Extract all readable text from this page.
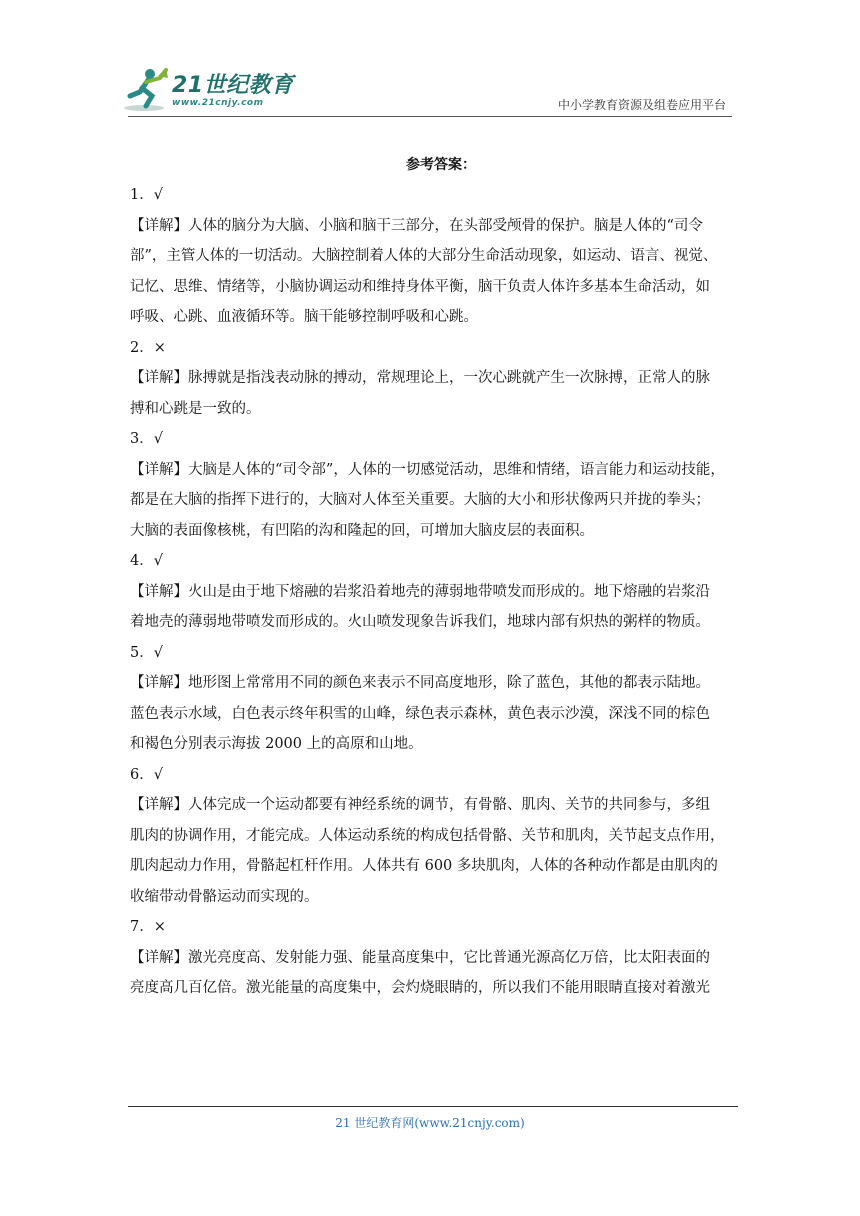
21世纪教育
www.21cnjy.com	中小学教育资源及组卷应用平台

参考答案：

1．√

【详解】人体的脑分为大脑、小脑和脑干三部分，在头部受颅骨的保护。脑是人体的“司令

部”，主管人体的一切活动。大脑控制着人体的大部分生命活动现象，如运动、语言、视觉、

记忆、思维、情绪等，小脑协调运动和维持身体平衡，脑干负责人体许多基本生命活动，如

呼吸、心跳、血液循环等。脑干能够控制呼吸和心跳。

2．×

【详解】脉搏就是指浅表动脉的搏动，常规理论上，一次心跳就产生一次脉搏，正常人的脉

搏和心跳是一致的。

3．√

【详解】大脑是人体的“司令部”，人体的一切感觉活动，思维和情绪，语言能力和运动技能，

都是在大脑的指挥下进行的，大脑对人体至关重要。大脑的大小和形状像两只并拢的拳头；

大脑的表面像核桃，有凹陷的沟和隆起的回，可增加大脑皮层的表面积。

4．√

【详解】火山是由于地下熔融的岩浆沿着地壳的薄弱地带喷发而形成的。地下熔融的岩浆沿

着地壳的薄弱地带喷发而形成的。火山喷发现象告诉我们，地球内部有炽热的粥样的物质。

5．√

【详解】地形图上常常用不同的颜色来表示不同高度地形，除了蓝色，其他的都表示陆地。

蓝色表示水域，白色表示终年积雪的山峰，绿色表示森林，黄色表示沙漠，深浅不同的棕色

和褐色分别表示海拔 2000 上的高原和山地。

6．√

【详解】人体完成一个运动都要有神经系统的调节，有骨骼、肌肉、关节的共同参与，多组

肌肉的协调作用，才能完成。人体运动系统的构成包括骨骼、关节和肌肉，关节起支点作用，

肌肉起动力作用，骨骼起杠杆作用。人体共有 600 多块肌肉，人体的各种动作都是由肌肉的

收缩带动骨骼运动而实现的。

7．×

【详解】激光亮度高、发射能力强、能量高度集中，它比普通光源高亿万倍，比太阳表面的

亮度高几百亿倍。激光能量的高度集中，会灼烧眼睛的，所以我们不能用眼睛直接对着激光

21 世纪教育网(www.21cnjy.com)
